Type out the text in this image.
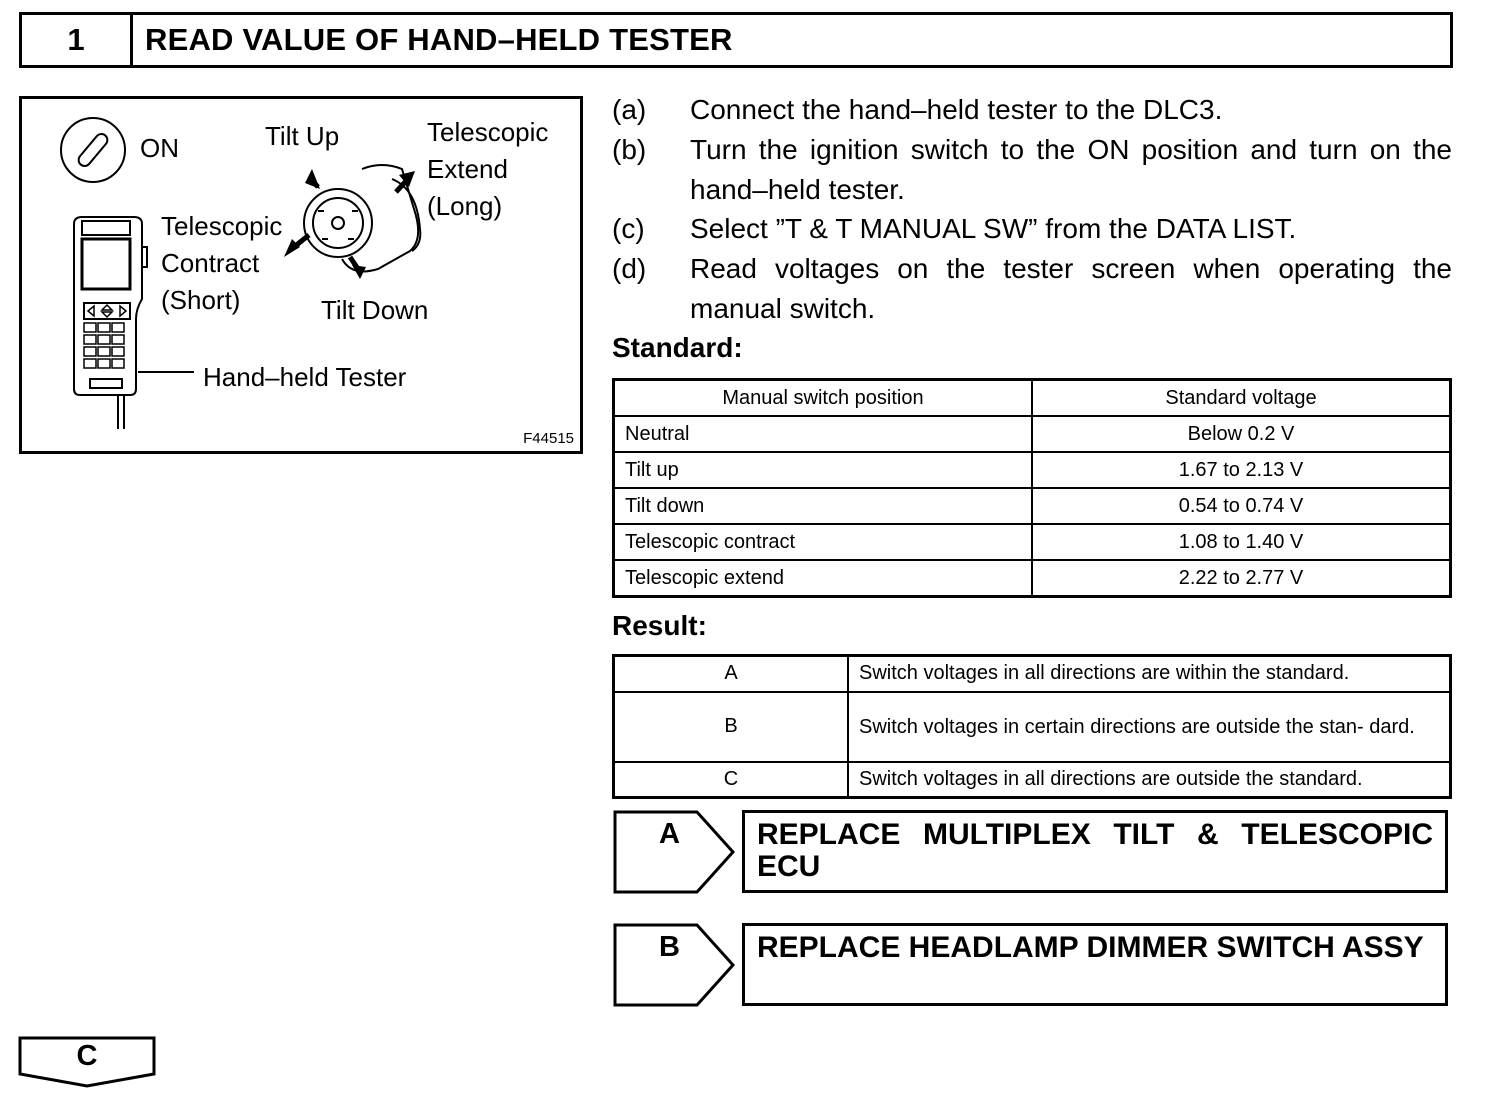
1	READ VALUE OF HAND–HELD TESTER
ON	Tilt Up	Telescopic
Extend
(Long)
Telescopic
Contract
(Short)	Tilt Down
Hand–held Tester
F44515
(a)	Connect the hand–held tester to the DLC3.
(b)	Turn the ignition switch to the ON position and turn on the hand–held tester.
(c)	Select ”T & T MANUAL SW” from the DATA LIST.
(d)	Read voltages on the tester screen when operating the manual switch.
Standard:
Manual switch position	Standard voltage
Neutral	Below 0.2 V
Tilt up	1.67 to 2.13 V
Tilt down	0.54 to 0.74 V
Telescopic contract	1.08 to 1.40 V
Telescopic extend	2.22 to 2.77 V
Result:
A	Switch voltages in all directions are within the standard.
B	Switch voltages in certain directions are outside the stan- dard.
C	Switch voltages in all directions are outside the standard.
A	REPLACE MULTIPLEX TILT & TELESCOPIC ECU
B	REPLACE HEADLAMP DIMMER SWITCH ASSY
C
